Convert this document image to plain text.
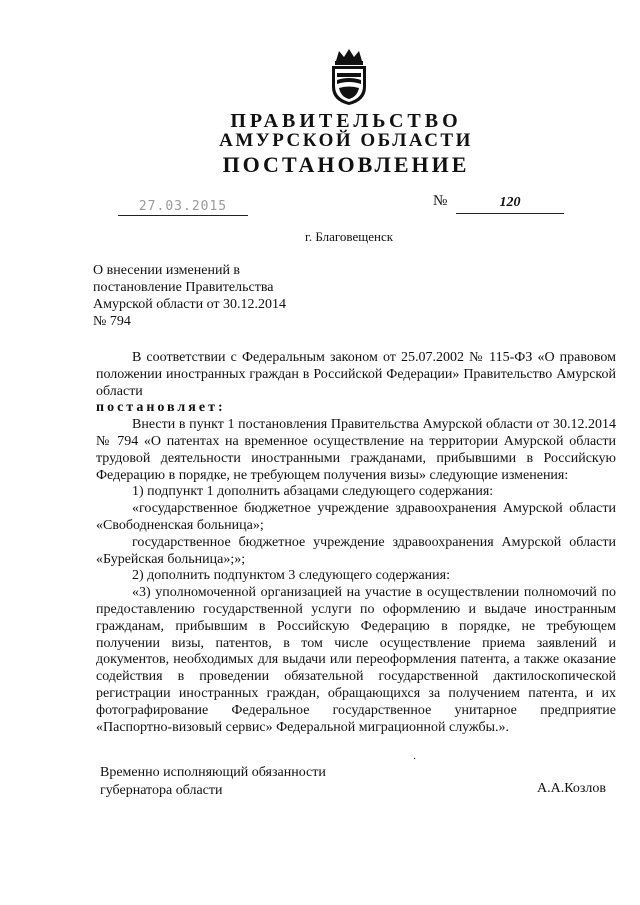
ПРАВИТЕЛЬСТВО
АМУРСКОЙ ОБЛАСТИ
ПОСТАНОВЛЕНИЕ
27.03.2015	№	120
г. Благовещенск
О внесении изменений в
постановление Правительства
Амурской области от 30.12.2014
№ 794

В соответствии с Федеральным законом от 25.07.2002 № 115-ФЗ «О правовом положении иностранных граждан в Российской Федерации» Правительство Амурской области

постановляет:

Внести в пункт 1 постановления Правительства Амурской области от 30.12.2014 № 794 «О патентах на временное осуществление на территории Амурской области трудовой деятельности иностранными гражданами, прибывшими в Российскую Федерацию в порядке, не требующем получения визы» следующие изменения:

1) подпункт 1 дополнить абзацами следующего содержания:

«государственное бюджетное учреждение здравоохранения Амурской области «Свободненская больница»;

государственное бюджетное учреждение здравоохранения Амурской области «Бурейская больница»;»;

2) дополнить подпунктом 3 следующего содержания:

«3) уполномоченной организацией на участие в осуществлении полномочий по предоставлению государственной услуги по оформлению и выдаче иностранным гражданам, прибывшим в Российскую Федерацию в порядке, не требующем получении визы, патентов, в том числе осуществление приема заявлений и документов, необходимых для выдачи или переоформления патента, а также оказание содействия в проведении обязательной государственной дактилоскопической регистрации иностранных граждан, обращающихся за получением патента, и их фотографирование Федеральное государственное унитарное предприятие «Паспортно-визовый сервис» Федеральной миграционной службы.».

·
Временно исполняющий обязанности
губернатора области	А.А.Козлов
